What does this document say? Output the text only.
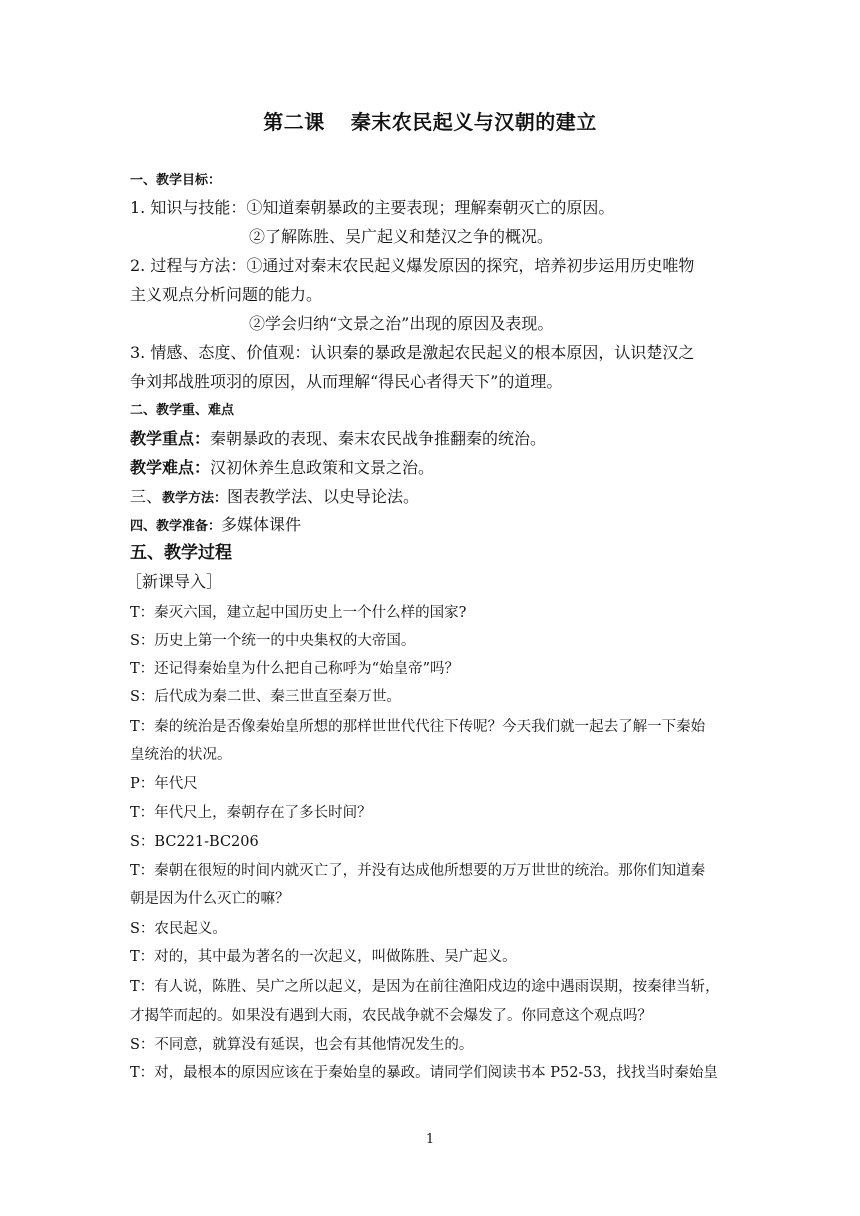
第二课 秦末农民起义与汉朝的建立
一、教学目标：
1. 知识与技能：①知道秦朝暴政的主要表现；理解秦朝灭亡的原因。
②了解陈胜、吴广起义和楚汉之争的概况。
2. 过程与方法：①通过对秦末农民起义爆发原因的探究，培养初步运用历史唯物
主义观点分析问题的能力。
②学会归纳“文景之治”出现的原因及表现。
3. 情感、态度、价值观：认识秦的暴政是激起农民起义的根本原因，认识楚汉之
争刘邦战胜项羽的原因，从而理解“得民心者得天下”的道理。
二、教学重、难点
教学重点：秦朝暴政的表现、秦末农民战争推翻秦的统治。
教学难点：汉初休养生息政策和文景之治。
三、教学方法：图表教学法、以史导论法。
四、教学准备：多媒体课件
五、教学过程
［新课导入］
T：秦灭六国，建立起中国历史上一个什么样的国家?
S：历史上第一个统一的中央集权的大帝国。
T：还记得秦始皇为什么把自己称呼为“始皇帝”吗？
S：后代成为秦二世、秦三世直至秦万世。
T：秦的统治是否像秦始皇所想的那样世世代代往下传呢？今天我们就一起去了解一下秦始
皇统治的状况。
P：年代尺
T：年代尺上，秦朝存在了多长时间？
S：BC221-BC206
T：秦朝在很短的时间内就灭亡了，并没有达成他所想要的万万世世的统治。那你们知道秦
朝是因为什么灭亡的嘛？
S：农民起义。
T：对的，其中最为著名的一次起义，叫做陈胜、吴广起义。
T：有人说，陈胜、吴广之所以起义，是因为在前往渔阳戍边的途中遇雨误期，按秦律当斩，
才揭竿而起的。如果没有遇到大雨，农民战争就不会爆发了。你同意这个观点吗？
S：不同意，就算没有延误，也会有其他情况发生的。
T：对，最根本的原因应该在于秦始皇的暴政。请同学们阅读书本 P52-53，找找当时秦始皇
1
